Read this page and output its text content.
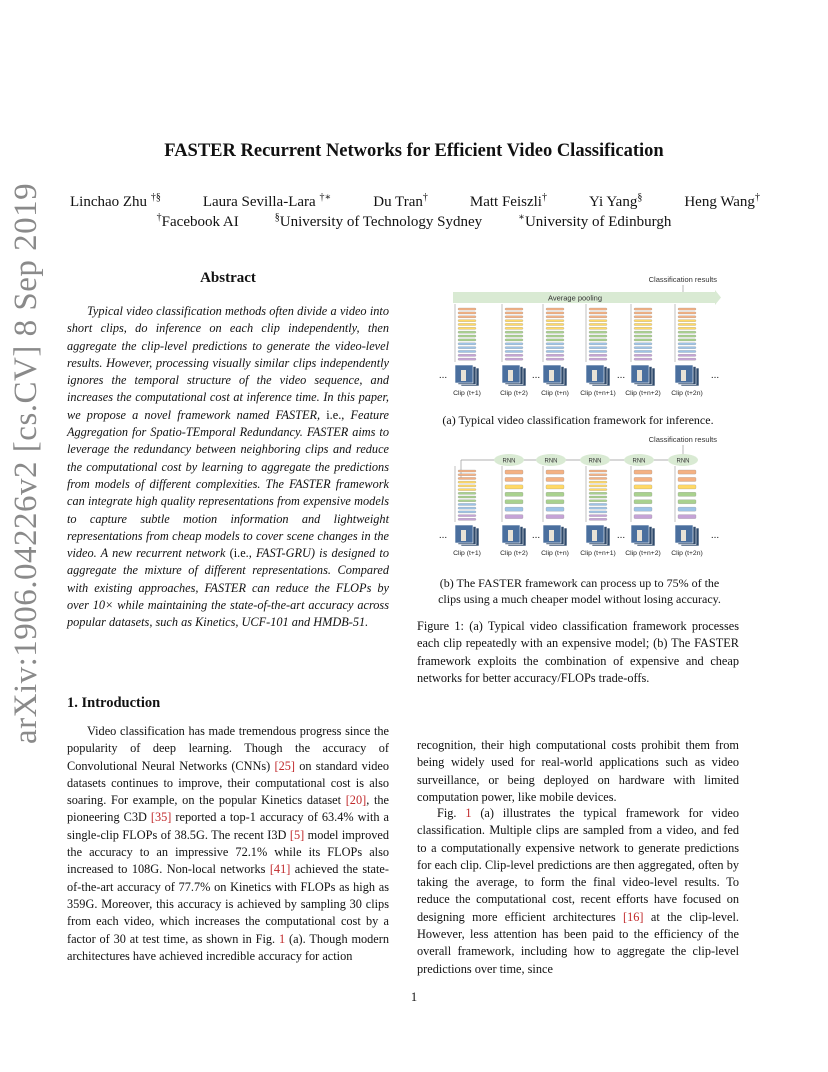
arXiv:1906.04226v2 [cs.CV] 8 Sep 2019
FASTER Recurrent Networks for Efficient Video Classification
Linchao Zhu †§	Laura Sevilla-Lara †∗	Du Tran†	Matt Feiszli†	Yi Yang§	Heng Wang†
†Facebook AI	§University of Technology Sydney	∗University of Edinburgh
Abstract

Typical video classification methods often divide a video into short clips, do inference on each clip independently, then aggregate the clip-level predictions to generate the video-level results. However, processing visually similar clips independently ignores the temporal structure of the video sequence, and increases the computational cost at inference time. In this paper, we propose a novel framework named FASTER, i.e., Feature Aggregation for Spatio-TEmporal Redundancy. FASTER aims to leverage the redundancy between neighboring clips and reduce the computational cost by learning to aggregate the predictions from models of different complexities. The FASTER framework can integrate high quality representations from expensive models to capture subtle motion information and lightweight representations from cheap models to cover scene changes in the video. A new recurrent network (i.e., FAST-GRU) is designed to aggregate the mixture of different representations. Compared with existing approaches, FASTER can reduce the FLOPs by over 10× while maintaining the state-of-the-art accuracy across popular datasets, such as Kinetics, UCF-101 and HMDB-51.

1. Introduction

Video classification has made tremendous progress since the popularity of deep learning. Though the accuracy of Convolutional Neural Networks (CNNs) [25] on standard video datasets continues to improve, their computational cost is also soaring. For example, on the popular Kinetics dataset [20], the pioneering C3D [35] reported a top-1 accuracy of 63.4% with a single-clip FLOPs of 38.5G. The recent I3D [5] model improved the accuracy to an impressive 72.1% while its FLOPs also increased to 108G. Non-local networks [41] achieved the state-of-the-art accuracy of 77.7% on Kinetics with FLOPs as high as 359G. Moreover, this accuracy is achieved by sampling 30 clips from each video, which increases the computational cost by a factor of 30 at test time, as shown in Fig. 1 (a). Though modern architectures have achieved incredible accuracy for action

recognition, their high computational costs prohibit them from being widely used for real-world applications such as video surveillance, or being deployed on hardware with limited computation power, like mobile devices.

Fig. 1 (a) illustrates the typical framework for video classification. Multiple clips are sampled from a video, and fed to a computationally expensive network to generate predictions for each clip. Clip-level predictions are then aggregated, often by taking the average, to form the final video-level results. To reduce the computational cost, recent efforts have focused on designing more efficient architectures [16] at the clip-level. However, less attention has been paid to the efficiency of the overall framework, including how to aggregate the clip-level predictions over time, since

Classification results
Average pooling
Clip (t+1)	Clip (t+2) Clip (t+n) Clip (t+n+1) Clip (t+n+2) Clip (t+2n)
...	...	...	...
(a) Typical video classification framework for inference.
Classification results
RNN	RNN	RNN	RNN	RNN
Clip (t+1)	Clip (t+2) Clip (t+n) Clip (t+n+1) Clip (t+n+2) Clip (t+2n)
...	...	...	...
(b) The FASTER framework can process up to 75% of the clips using a much cheaper model without losing accuracy.

Figure 1: (a) Typical video classification framework processes each clip repeatedly with an expensive model; (b) The FASTER framework exploits the combination of expensive and cheap networks for better accuracy/FLOPs trade-offs.

1
